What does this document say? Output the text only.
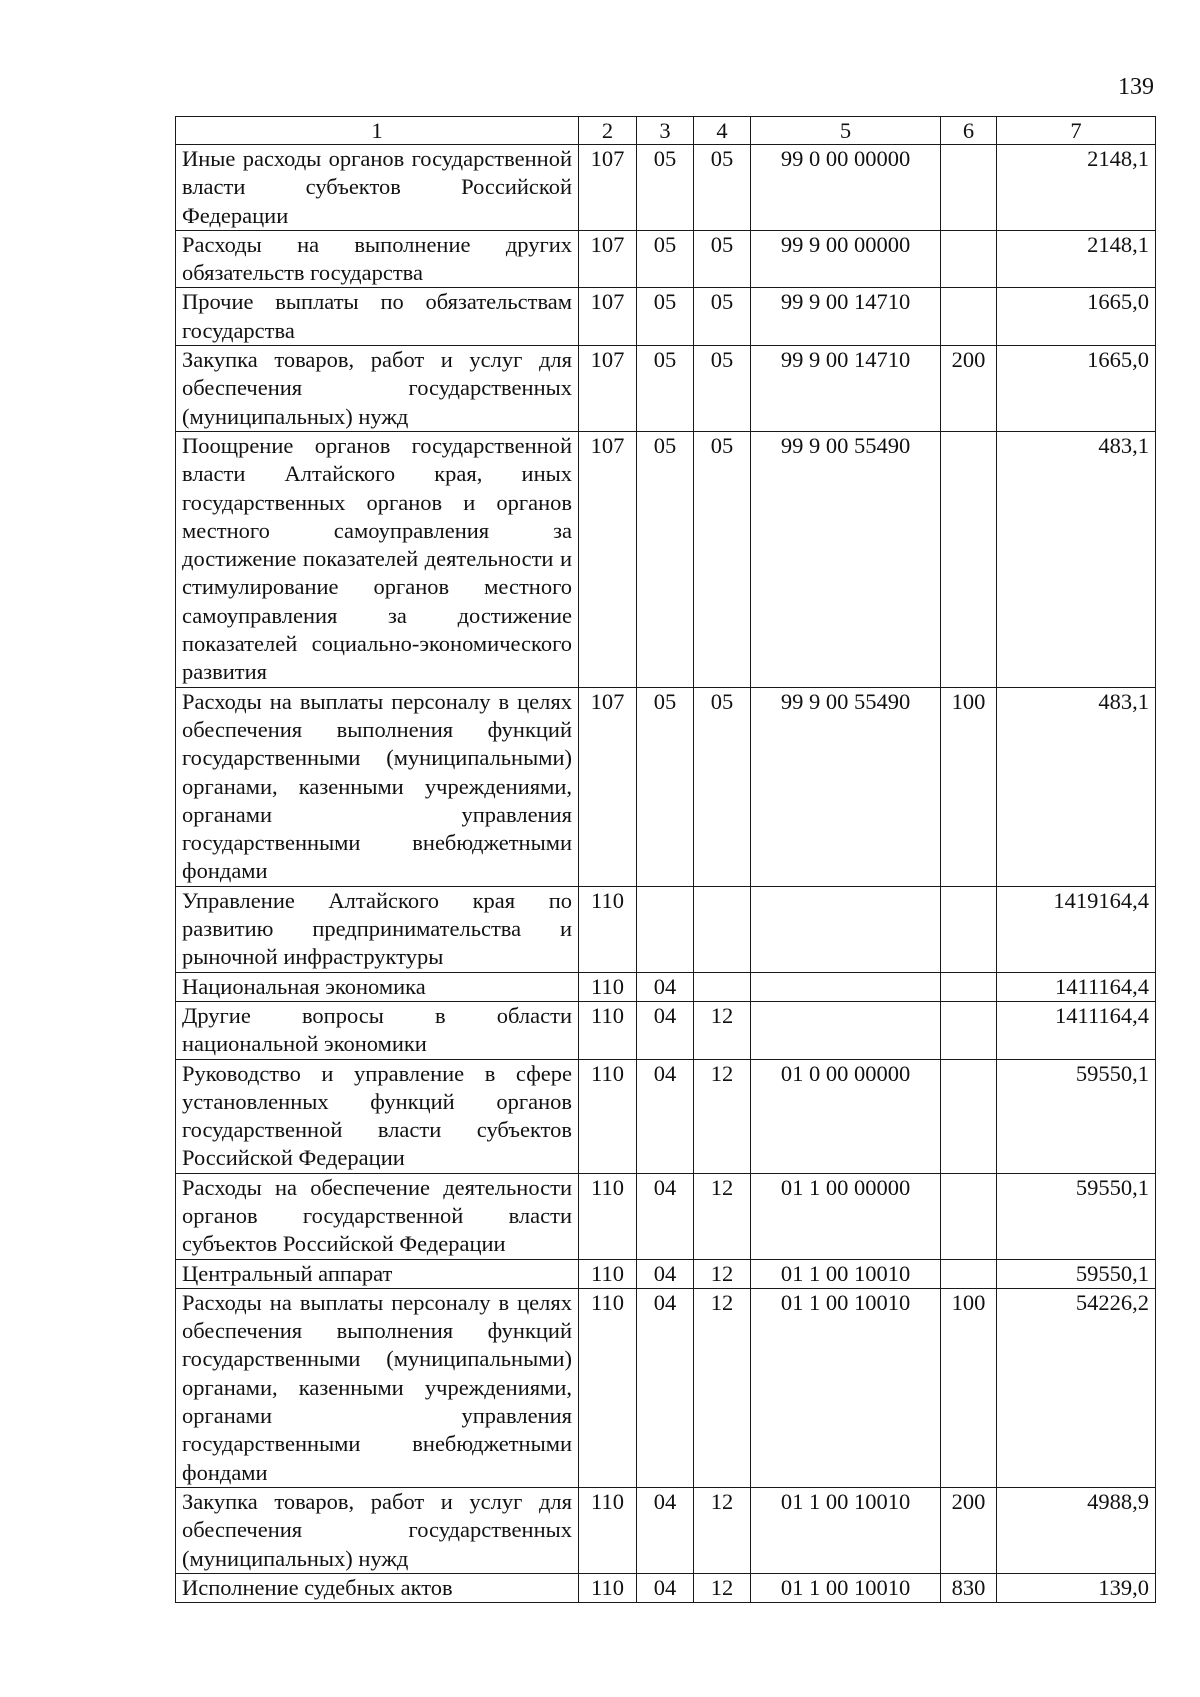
139
1	2	3	4	5	6	7
Иные расходы органов государственной власти субъектов Российской Федерации	107	05	05	99 0 00 00000		2148,1
Расходы на выполнение других обязательств государства	107	05	05	99 9 00 00000		2148,1
Прочие выплаты по обязательствам государства	107	05	05	99 9 00 14710		1665,0
Закупка товаров, работ и услуг для обеспечения государственных (муниципальных) нужд	107	05	05	99 9 00 14710	200	1665,0
Поощрение органов государственной власти Алтайского края, иных государственных органов и органов местного самоуправления за достижение показателей деятельности и стимулирование органов местного самоуправления за достижение показателей социально-экономического развития	107	05	05	99 9 00 55490		483,1
Расходы на выплаты персоналу в целях обеспечения выполнения функций государственными (муниципальными) органами, казенными учреждениями, органами управления государственными внебюджетными фондами	107	05	05	99 9 00 55490	100	483,1
Управление Алтайского края по развитию предпринимательства и рыночной инфраструктуры	110					1419164,4
Национальная экономика	110	04				1411164,4
Другие вопросы в области национальной экономики	110	04	12			1411164,4
Руководство и управление в сфере установленных функций органов государственной власти субъектов Российской Федерации	110	04	12	01 0 00 00000		59550,1
Расходы на обеспечение деятельности органов государственной власти субъектов Российской Федерации	110	04	12	01 1 00 00000		59550,1
Центральный аппарат	110	04	12	01 1 00 10010		59550,1
Расходы на выплаты персоналу в целях обеспечения выполнения функций государственными (муниципальными) органами, казенными учреждениями, органами управления государственными внебюджетными фондами	110	04	12	01 1 00 10010	100	54226,2
Закупка товаров, работ и услуг для обеспечения государственных (муниципальных) нужд	110	04	12	01 1 00 10010	200	4988,9
Исполнение судебных актов	110	04	12	01 1 00 10010	830	139,0
